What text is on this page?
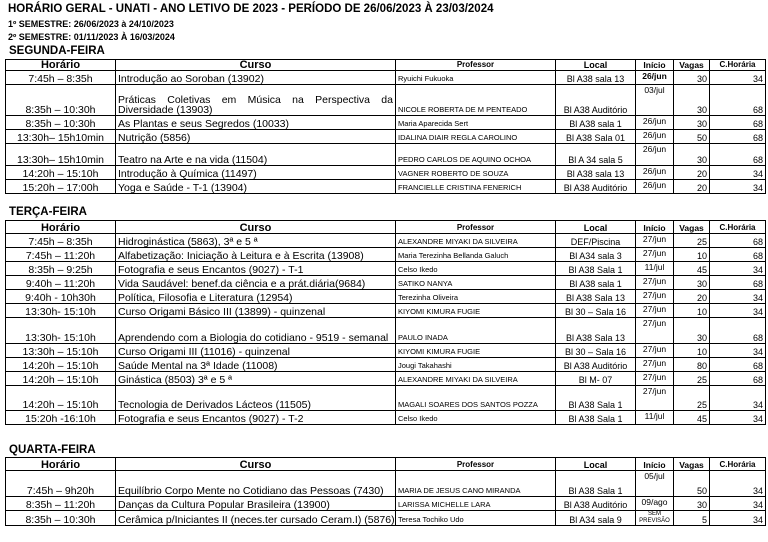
HORÁRIO GERAL - UNATI - ANO LETIVO DE 2023 - PERÍODO DE 26/06/2023 À 23/03/2024
1º SEMESTRE: 26/06/2023 à 24/10/2023
2º SEMESTRE: 01/11/2023 À 16/03/2024
SEGUNDA-FEIRA
Horário	Curso	Professor	Local	Início	Vagas	C.Horária
7:45h – 8:35h	Introdução ao Soroban (13902)	Ryuichi Fukuoka	Bl A38 sala 13	26/jun	30	34
8:35h – 10:30h	Práticas Coletivas em Música na Perspectiva da Diversidade (13903)	NICOLE ROBERTA DE M PENTEADO	Bl A38 Auditório	03/jul	30	68
8:35h – 10:30h	As Plantas e seus Segredos (10033)	Maria Aparecida Sert	Bl A38 sala 1	26/jun	30	68
13:30h– 15h10min	Nutrição (5856)	IDALINA DIAIR REGLA CAROLINO	Bl A38 Sala 01	26/jun	50	68
13:30h– 15h10min	Teatro na Arte e na vida (11504)	PEDRO CARLOS DE AQUINO OCHOA	Bl A 34 sala 5	26/jun	30	68
14:20h – 15:10h	Introdução à Química (11497)	VAGNER ROBERTO DE SOUZA	Bl A38 sala 13	26/jun	20	34
15:20h – 17:00h	Yoga e Saúde - T-1 (13904)	FRANCIELLE CRISTINA FENERICH	Bl A38 Auditório	26/jun	20	34
TERÇA-FEIRA
Horário	Curso	Professor	Local	Início	Vagas	C.Horária
7:45h – 8:35h	Hidroginástica (5863), 3ª e 5 ª	ALEXANDRE MIYAKI DA SILVEIRA	DEF/Piscina	27/jun	25	68
7:45h – 11:20h	Alfabetização: Iniciação à Leitura e à Escrita (13908)	Maria Terezinha Bellanda Galuch	Bl A34 sala 3	27/jun	10	68
8:35h – 9:25h	Fotografia e seus Encantos (9027) - T-1	Celso Ikedo	Bl A38 Sala 1	11/jul	45	34
9:40h – 11:20h	Vida Saudável: benef.da ciência e a prát.diária(9684)	SATIKO NANYA	Bl A38 sala 1	27/jun	30	68
9:40h - 10h30h	Política, Filosofia e Literatura (12954)	Terezinha Oliveira	Bl A38 Sala 13	27/jun	20	34
13:30h- 15:10h	Curso Origami Básico III (13899) - quinzenal	KIYOMI KIMURA FUGIE	Bl 30 – Sala 16	27/jun	10	34
13:30h- 15:10h	Aprendendo com a Biologia do cotidiano - 9519 - semanal	PAULO INADA	Bl A38 Sala 13	27/jun	30	68
13:30h – 15:10h	Curso Origami III (11016) - quinzenal	KIYOMI KIMURA FUGIE	Bl 30 – Sala 16	27/jun	10	34
14:20h – 15:10h	Saúde Mental na 3ª Idade (11008)	Jougi Takahashi	Bl A38 Auditório	27/jun	80	68
14:20h – 15:10h	Ginástica (8503) 3ª e 5 ª	ALEXANDRE MIYAKI DA SILVEIRA	Bl M- 07	27/jun	25	68
14:20h – 15:10h	Tecnologia de Derivados Lácteos (11505)	MAGALI SOARES DOS SANTOS POZZA	Bl A38 Sala 1	27/jun	25	34
15:20h -16:10h	Fotografia e seus Encantos (9027) - T-2	Celso Ikedo	Bl A38 Sala 1	11/jul	45	34
QUARTA-FEIRA
Horário	Curso	Professor	Local	Início	Vagas	C.Horária
7:45h – 9h20h	Equilíbrio Corpo Mente no Cotidiano das Pessoas (7430)	MARIA DE JESUS CANO MIRANDA	Bl A38 Sala 1	05/jul	50	34
8:35h – 11:20h	Danças da Cultura Popular Brasileira (13900)	LARISSA MICHELLE LARA	Bl A38 Auditório	09/ago	30	34
8:35h – 10:30h	Cerâmica p/Iniciantes II (neces.ter cursado Ceram.I) (5876)	Teresa Tochiko Udo	Bl A34 sala 9	SEM PREVISÃO	5	34
